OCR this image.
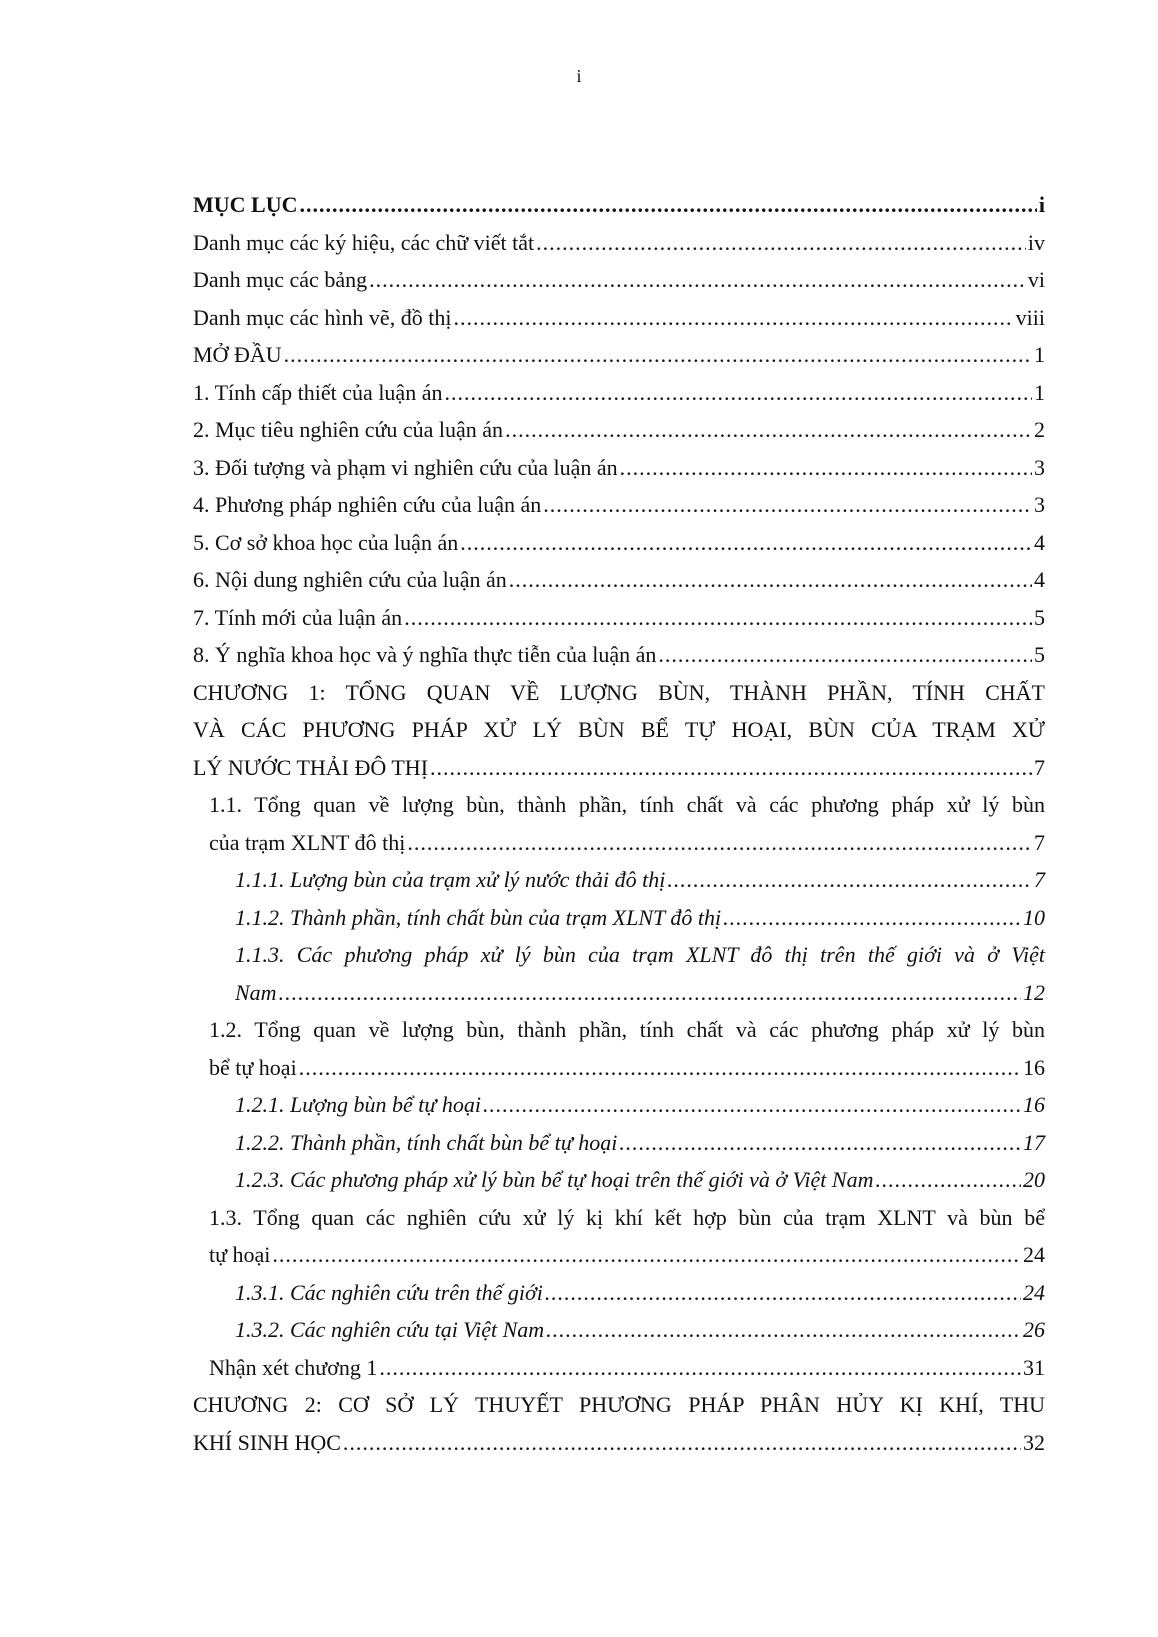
i
MỤC LỤC .....	i
Danh mục các ký hiệu, các chữ viết tắt .....	iv
Danh mục các bảng .....	vi
Danh mục các hình vẽ, đồ thị .....	viii
MỞ ĐẦU .....	1
1. Tính cấp thiết của luận án .....	1
2. Mục tiêu nghiên cứu của luận án .....	2
3. Đối tượng và phạm vi nghiên cứu của luận án .....	3
4. Phương pháp nghiên cứu của luận án .....	3
5. Cơ sở khoa học của luận án .....	4
6. Nội dung nghiên cứu của luận án .....	4
7. Tính mới của luận án .....	5
8. Ý nghĩa khoa học và ý nghĩa thực tiễn của luận án .....	5
CHƯƠNG 1: TỔNG QUAN VỀ LƯỢNG BÙN, THÀNH PHẦN, TÍNH CHẤT
VÀ CÁC PHƯƠNG PHÁP XỬ LÝ BÙN BỂ TỰ HOẠI, BÙN CỦA TRẠM XỬ
LÝ NƯỚC THẢI ĐÔ THỊ .....	7
1.1. Tổng quan về lượng bùn, thành phần, tính chất và các phương pháp xử lý bùn
của trạm XLNT đô thị .....	7
1.1.1. Lượng bùn của trạm xử lý nước thải đô thị .....	7
1.1.2. Thành phần, tính chất bùn của trạm XLNT đô thị .....	10
1.1.3. Các phương pháp xử lý bùn của trạm XLNT đô thị trên thế giới và ở Việt
Nam .....	12
1.2. Tổng quan về lượng bùn, thành phần, tính chất và các phương pháp xử lý bùn
bể tự hoại .....	16
1.2.1. Lượng bùn bể tự hoại .....	16
1.2.2. Thành phần, tính chất bùn bể tự hoại .....	17
1.2.3. Các phương pháp xử lý bùn bể tự hoại trên thế giới và ở Việt Nam .....	20
1.3. Tổng quan các nghiên cứu xử lý kị khí kết hợp bùn của trạm XLNT và bùn bể
tự hoại .....	24
1.3.1. Các nghiên cứu trên thế giới .....	24
1.3.2. Các nghiên cứu tại Việt Nam .....	26
Nhận xét chương 1 .....	31
CHƯƠNG 2: CƠ SỞ LÝ THUYẾT PHƯƠNG PHÁP PHÂN HỦY KỊ KHÍ, THU
KHÍ SINH HỌC .....	32
